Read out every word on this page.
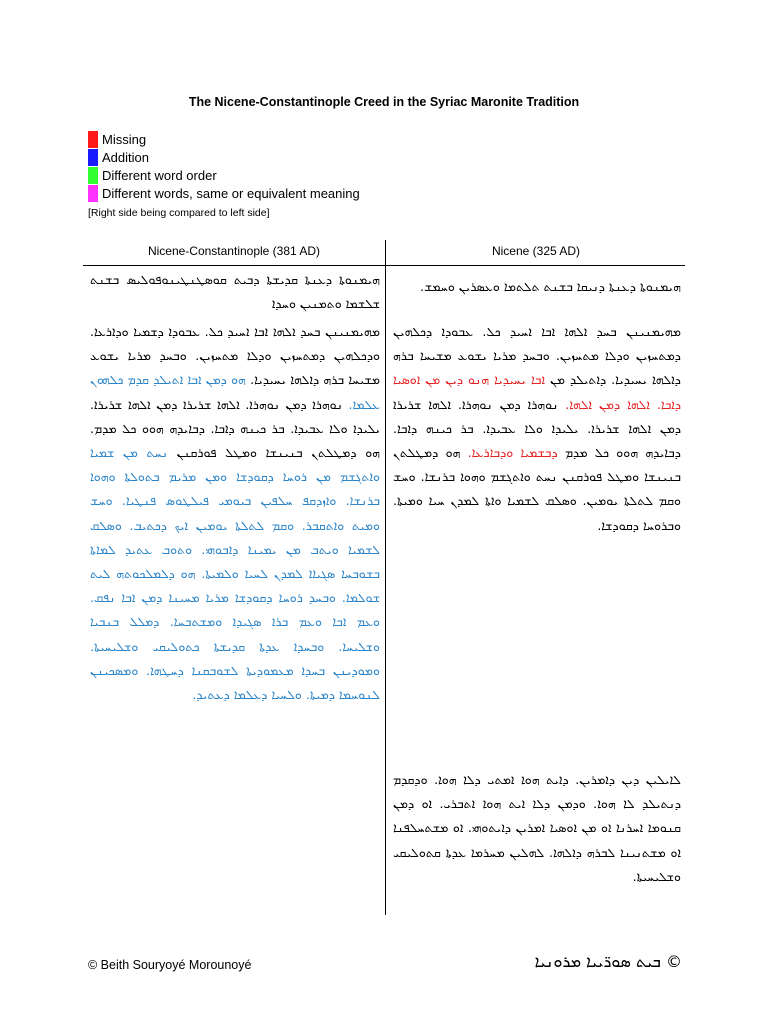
The Nicene-Constantinople Creed in the Syriac Maronite Tradition
Missing
Addition
Different word order
Different words, same or equivalent meaning
[Right side being compared to left side]
Nicene-Constantinople (381 AD)	Nicene (325 AD)
ܗܝܡܢܘܬܐ ܕܥܢܬܐ ܩܕܝܫܬܐ ܕܒܝܬ ܩܘܣܛܢܛܝܢܘܦܘܠܝܣ ܒܫܢܬ ܫܠܫܡܐ ܘܬܡܢܝܢ ܘܚܕܐ
ܡܗܝܡܢܝܢܢ ܒܚܕ ܐܠܗܐ ܐܒܐ ܐܚܝܕ ܟܠ. ܥܒܘܕܐ ܕܫܡܝܐ ܘܕܐܪܥܐ. ܘܕܟܠܗܝܢ ܕܡܬܚܙܝܢ ܘܕܠܐ ܡܬܚܙܝܢ. ܘܒܚܕ ܡܪܝܐ ܝܫܘܥ ܡܫܝܚܐ ܒܪܗ ܕܐܠܗܐ ܝܚܝܕܝܐ. ܗܘ ܕܡܢ ܐܒܐ ܐܬܝܠܕ ܩܕܡ ܟܠܗܘܢ ܥܠܡܐ. ܢܘܗܪܐ ܕܡܢ ܢܘܗܪܐ. ܐܠܗܐ ܫܪܝܪܐ ܕܡܢ ܐܠܗܐ ܫܪܝܪܐ. ܝܠܝܕܐ ܘܠܐ ܥܒܝܕܐ. ܒܪ ܟܝܢܗ ܕܐܒܐ. ܕܒܐܝܕܗ ܗܘܘ ܟܠ ܡܕܡ. ܗܘ ܕܡܛܠܬܢ ܒܢܝܢܫܐ ܘܡܛܠ ܦܘܪܩܢܢ ܢܚܬ ܡܢ ܫܡܝܐ ܘܐܬܓܫܡ ܡܢ ܪܘܚܐ ܕܩܘܕܫܐ ܘܡܢ ܡܪܝܡ ܒܬܘܠܬܐ ܘܗܘܐ ܒܪܢܫܐ. ܘܐܙܕܩܦ ܚܠܦܝܢ ܒܝܘܡܝ ܦܝܠܛܘܣ ܦܢܛܝܐ. ܘܚܫ ܘܡܝܬ ܘܐܬܩܒܪ. ܘܩܡ ܠܬܠܬܐ ܝܘܡܝܢ ܐܝܟ ܕܟܬܝܒ. ܘܣܠܩ ܠܫܡܝܐ ܘܝܬܒ ܡܢ ܝܡܝܢܐ ܕܐܒܘܗܝ. ܘܬܘܒ ܥܬܝܕ ܠܡܐܬܐ ܒܫܘܒܚܐ ܣܓܝܐܐ ܠܡܕܢ ܠܚܝܐ ܘܠܡܝܬܐ. ܗܘ ܕܠܡܠܟܘܬܗ ܠܝܬ ܫܘܠܡܐ. ܘܒܚܕ ܪܘܚܐ ܕܩܘܕܫܐ ܡܪܝܐ ܡܚܝܢܐ ܕܡܢ ܐܒܐ ܢܦܩ. ܘܥܡ ܐܒܐ ܘܥܡ ܒܪܐ ܣܓܝܕܐ ܘܡܫܬܒܚܐ. ܕܡܠܠ ܒܢܒܝܐ ܘܫܠܝܚܐ. ܘܒܚܕܐ ܥܕܬܐ ܩܕܝܫܬܐ ܟܬܘܠܝܩܝ ܘܫܠܝܚܝܬܐ. ܘܡܘܕܝܢܢ ܒܚܕܐ ܡܥܡܘܕܝܬܐ ܠܫܘܒܩܢܐ ܕܚܛܗܐ. ܘܡܣܟܝܢܢ ܠܢܘܚܡܐ ܕܡܝܬܐ. ܘܠܚܝܐ ܕܥܠܡܐ ܕܥܬܝܕ.
ܗܝܡܢܘܬܐ ܕܥܢܬܐ ܕܢܝܩܐ ܒܫܢܬ ܬܠܬܡܐ ܘܥܣܪܝܢ ܘܚܡܫ.
ܡܗܝܡܢܝܢܢ ܒܚܕ ܐܠܗܐ ܐܒܐ ܐܚܝܕ ܟܠ. ܥܒܘܕܐ ܕܟܠܗܝܢ ܕܡܬܚܙܝܢ ܘܕܠܐ ܡܬܚܙܝܢ. ܘܒܚܕ ܡܪܝܐ ܝܫܘܥ ܡܫܝܚܐ ܒܪܗ ܕܐܠܗܐ ܝܚܝܕܝܐ. ܕܐܬܝܠܕ ܡܢ ܐܒܐ ܝܚܝܕܝܐ ܗܢܘ ܕܝܢ ܡܢ ܐܘܣܝܐ ܕܐܒܐ. ܐܠܗܐ ܕܡܢ ܐܠܗܐ. ܢܘܗܪܐ ܕܡܢ ܢܘܗܪܐ. ܐܠܗܐ ܫܪܝܪܐ ܕܡܢ ܐܠܗܐ ܫܪܝܪܐ. ܝܠܝܕܐ ܘܠܐ ܥܒܝܕܐ. ܒܪ ܟܝܢܗ ܕܐܒܐ. ܕܒܐܝܕܗ ܗܘܘ ܟܠ ܡܕܡ ܕܒܫܡܝܐ ܘܕܒܐܪܥܐ. ܗܘ ܕܡܛܠܬܢ ܒܢܝܢܫܐ ܘܡܛܠ ܦܘܪܩܢܢ ܢܚܬ ܘܐܬܓܫܡ ܘܗܘܐ ܒܪܢܫܐ. ܘܚܫ ܘܩܡ ܠܬܠܬܐ ܝܘܡܝܢ. ܘܣܠܩ ܠܫܡܝܐ ܘܐܬܐ ܠܡܕܢ ܚܝܐ ܘܡܝܬܐ. ܘܒܪܘܚܐ ܕܩܘܕܫܐ.
ܠܐܝܠܝܢ ܕܝܢ ܕܐܡܪܝܢ. ܕܐܝܬ ܗܘܐ ܐܡܬܝ ܕܠܐ ܗܘܐ. ܘܕܩܕܡ ܕܢܬܝܠܕ ܠܐ ܗܘܐ. ܘܕܡܢ ܕܠܐ ܐܝܬ ܗܘܐ ܐܬܒܪܝ. ܐܘ ܕܡܢ ܩܢܘܡܐ ܐܚܪܢܐ ܐܘ ܡܢ ܐܘܣܝܐ ܐܡܪܝܢ ܕܐܝܬܘܗܝ. ܐܘ ܡܫܬܚܠܦܢܐ ܐܘ ܡܫܬܢܝܢܐ ܠܒܪܗ ܕܐܠܗܐ. ܠܗܠܝܢ ܡܚܪܡܐ ܥܕܬܐ ܩܬܘܠܝܩܝ ܘܫܠܝܚܝܬܐ.
© Beith Souryoyé Morounoyé	© ܒܝܬ ܣܘܪ̈ܝܝܐ ܡܪܘܢܝܐ
